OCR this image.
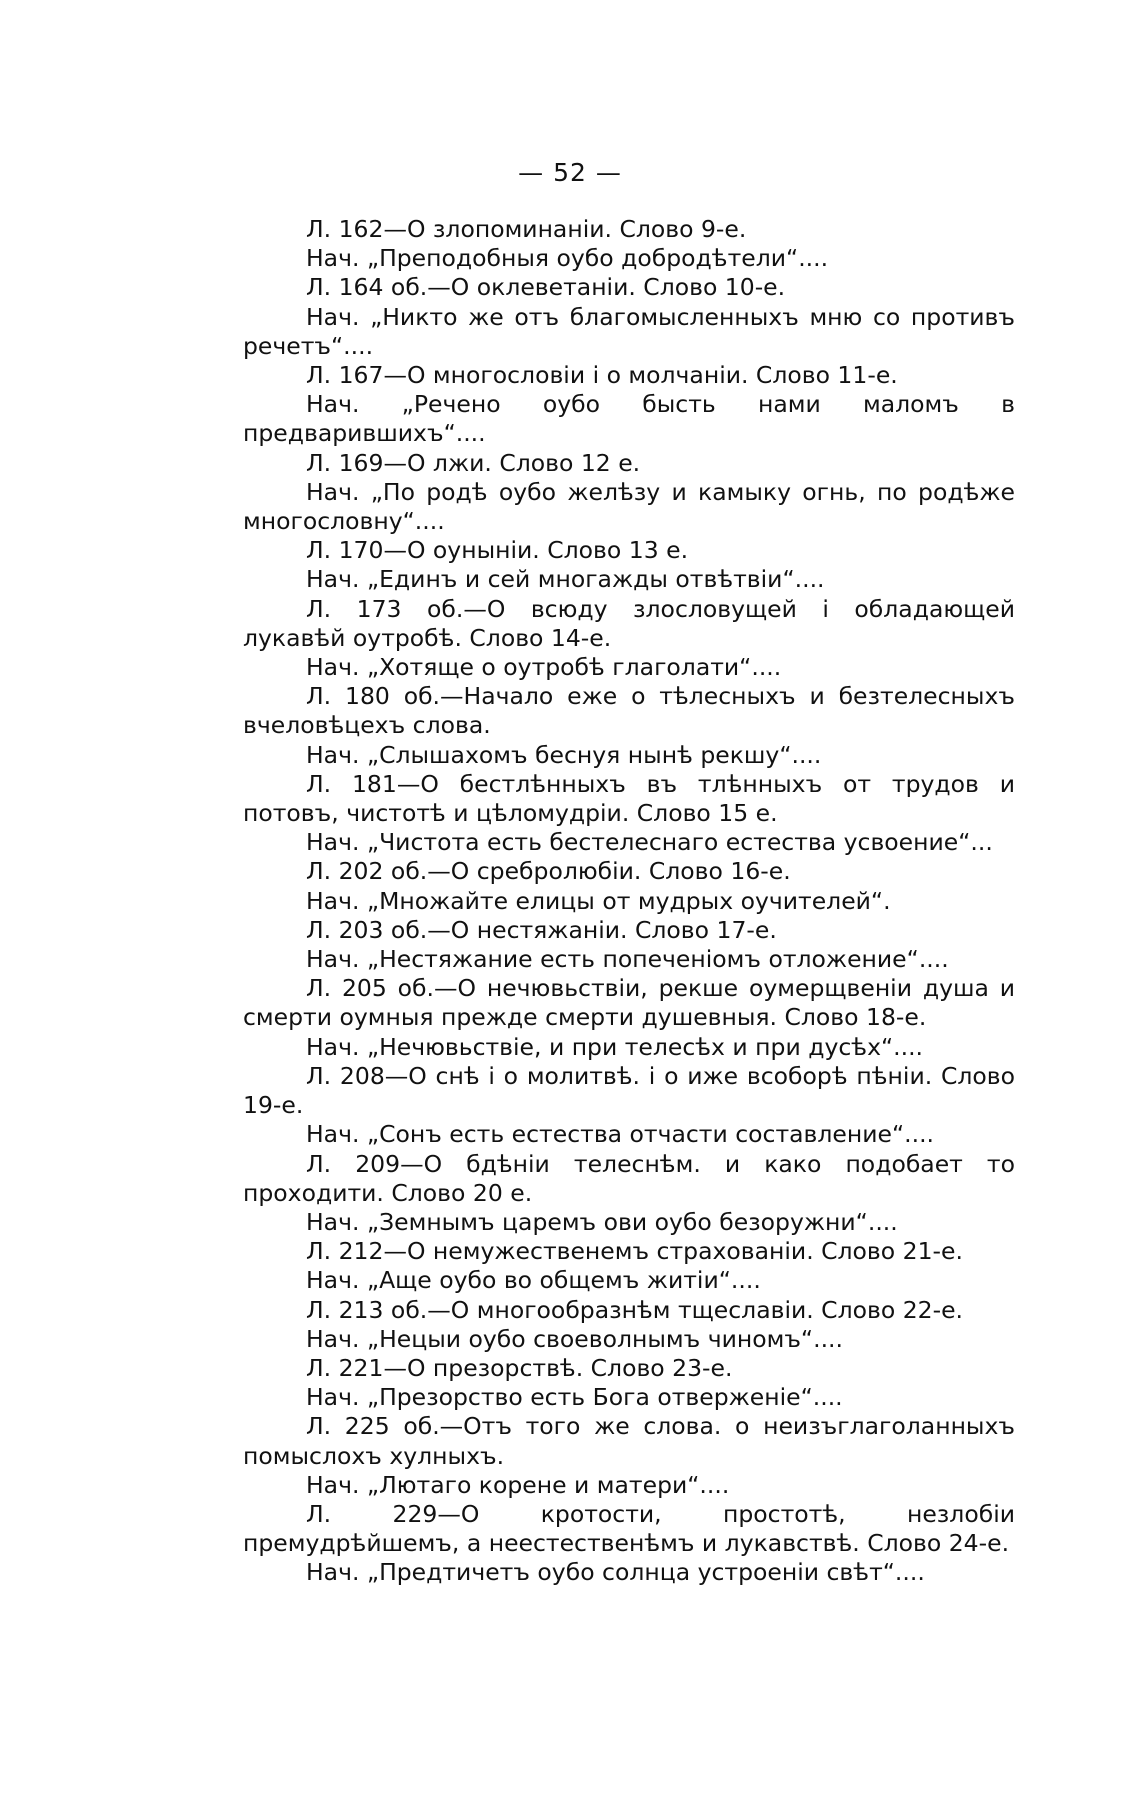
— 52 —

Л. 162—О злопоминаніи. Слово 9-е.

Нач. „Преподобныя оубо добродѣтели“....

Л. 164 об.—О оклеветаніи. Слово 10-е.

Нач. „Никто же отъ благомысленныхъ мню со противъ речетъ“....

Л. 167—О многословіи і о молчаніи. Слово 11-е.

Нач. „Речено оубо бысть нами маломъ в предварившихъ“....

Л. 169—О лжи. Слово 12 е.

Нач. „По родѣ оубо желѣзу и камыку огнь, по родѣже многословну“....

Л. 170—О оуныніи. Слово 13 е.

Нач. „Единъ и сей многажды отвѣтвіи“....

Л. 173 об.—О всюду злословущей і обладающей лукавѣй оутробѣ. Слово 14-е.

Нач. „Хотяще о оутробѣ глаголати“....

Л. 180 об.—Начало еже о тѣлесныхъ и безтелесныхъ вчеловѣцехъ слова.

Нач. „Слышахомъ беснуя нынѣ рекшу“....

Л. 181—О бестлѣнныхъ въ тлѣнныхъ от трудов и потовъ, чистотѣ и цѣломудріи. Слово 15 е.

Нач. „Чистота есть бестелеснаго естества усвоение“...

Л. 202 об.—О сребролюбіи. Слово 16-е.

Нач. „Множайте елицы от мудрых оучителей“.

Л. 203 об.—О нестяжаніи. Слово 17-е.

Нач. „Нестяжание есть попеченіомъ отложение“....

Л. 205 об.—О нечювьствіи, рекше оумерщвеніи душа и смерти оумныя прежде смерти душевныя. Слово 18-е.

Нач. „Нечювьствіе, и при телесѣх и при дусѣх“....

Л. 208—О снѣ і о молитвѣ. і о иже всоборѣ пѣніи. Слово 19-е.

Нач. „Сонъ есть естества отчасти составление“....

Л. 209—О бдѣніи телеснѣм. и како подобает то проходити. Слово 20 е.

Нач. „Земнымъ царемъ ови оубо безоружни“....

Л. 212—О немужественемъ страхованіи. Слово 21-е.

Нач. „Аще оубо во общемъ житіи“....

Л. 213 об.—О многообразнѣм тщеславіи. Слово 22-е.

Нач. „Нецыи оубо своеволнымъ чиномъ“....

Л. 221—О презорствѣ. Слово 23-е.

Нач. „Презорство есть Бога отверженіе“....

Л. 225 об.—Отъ того же слова. о неизъглаголанныхъ помыслохъ хулныхъ.

Нач. „Лютаго корене и матери“....

Л. 229—О кротости, простотѣ, незлобіи премудрѣйшемъ, а неестественѣмъ и лукавствѣ. Слово 24-е.

Нач. „Предтичетъ оубо солнца устроеніи свѣт“....
